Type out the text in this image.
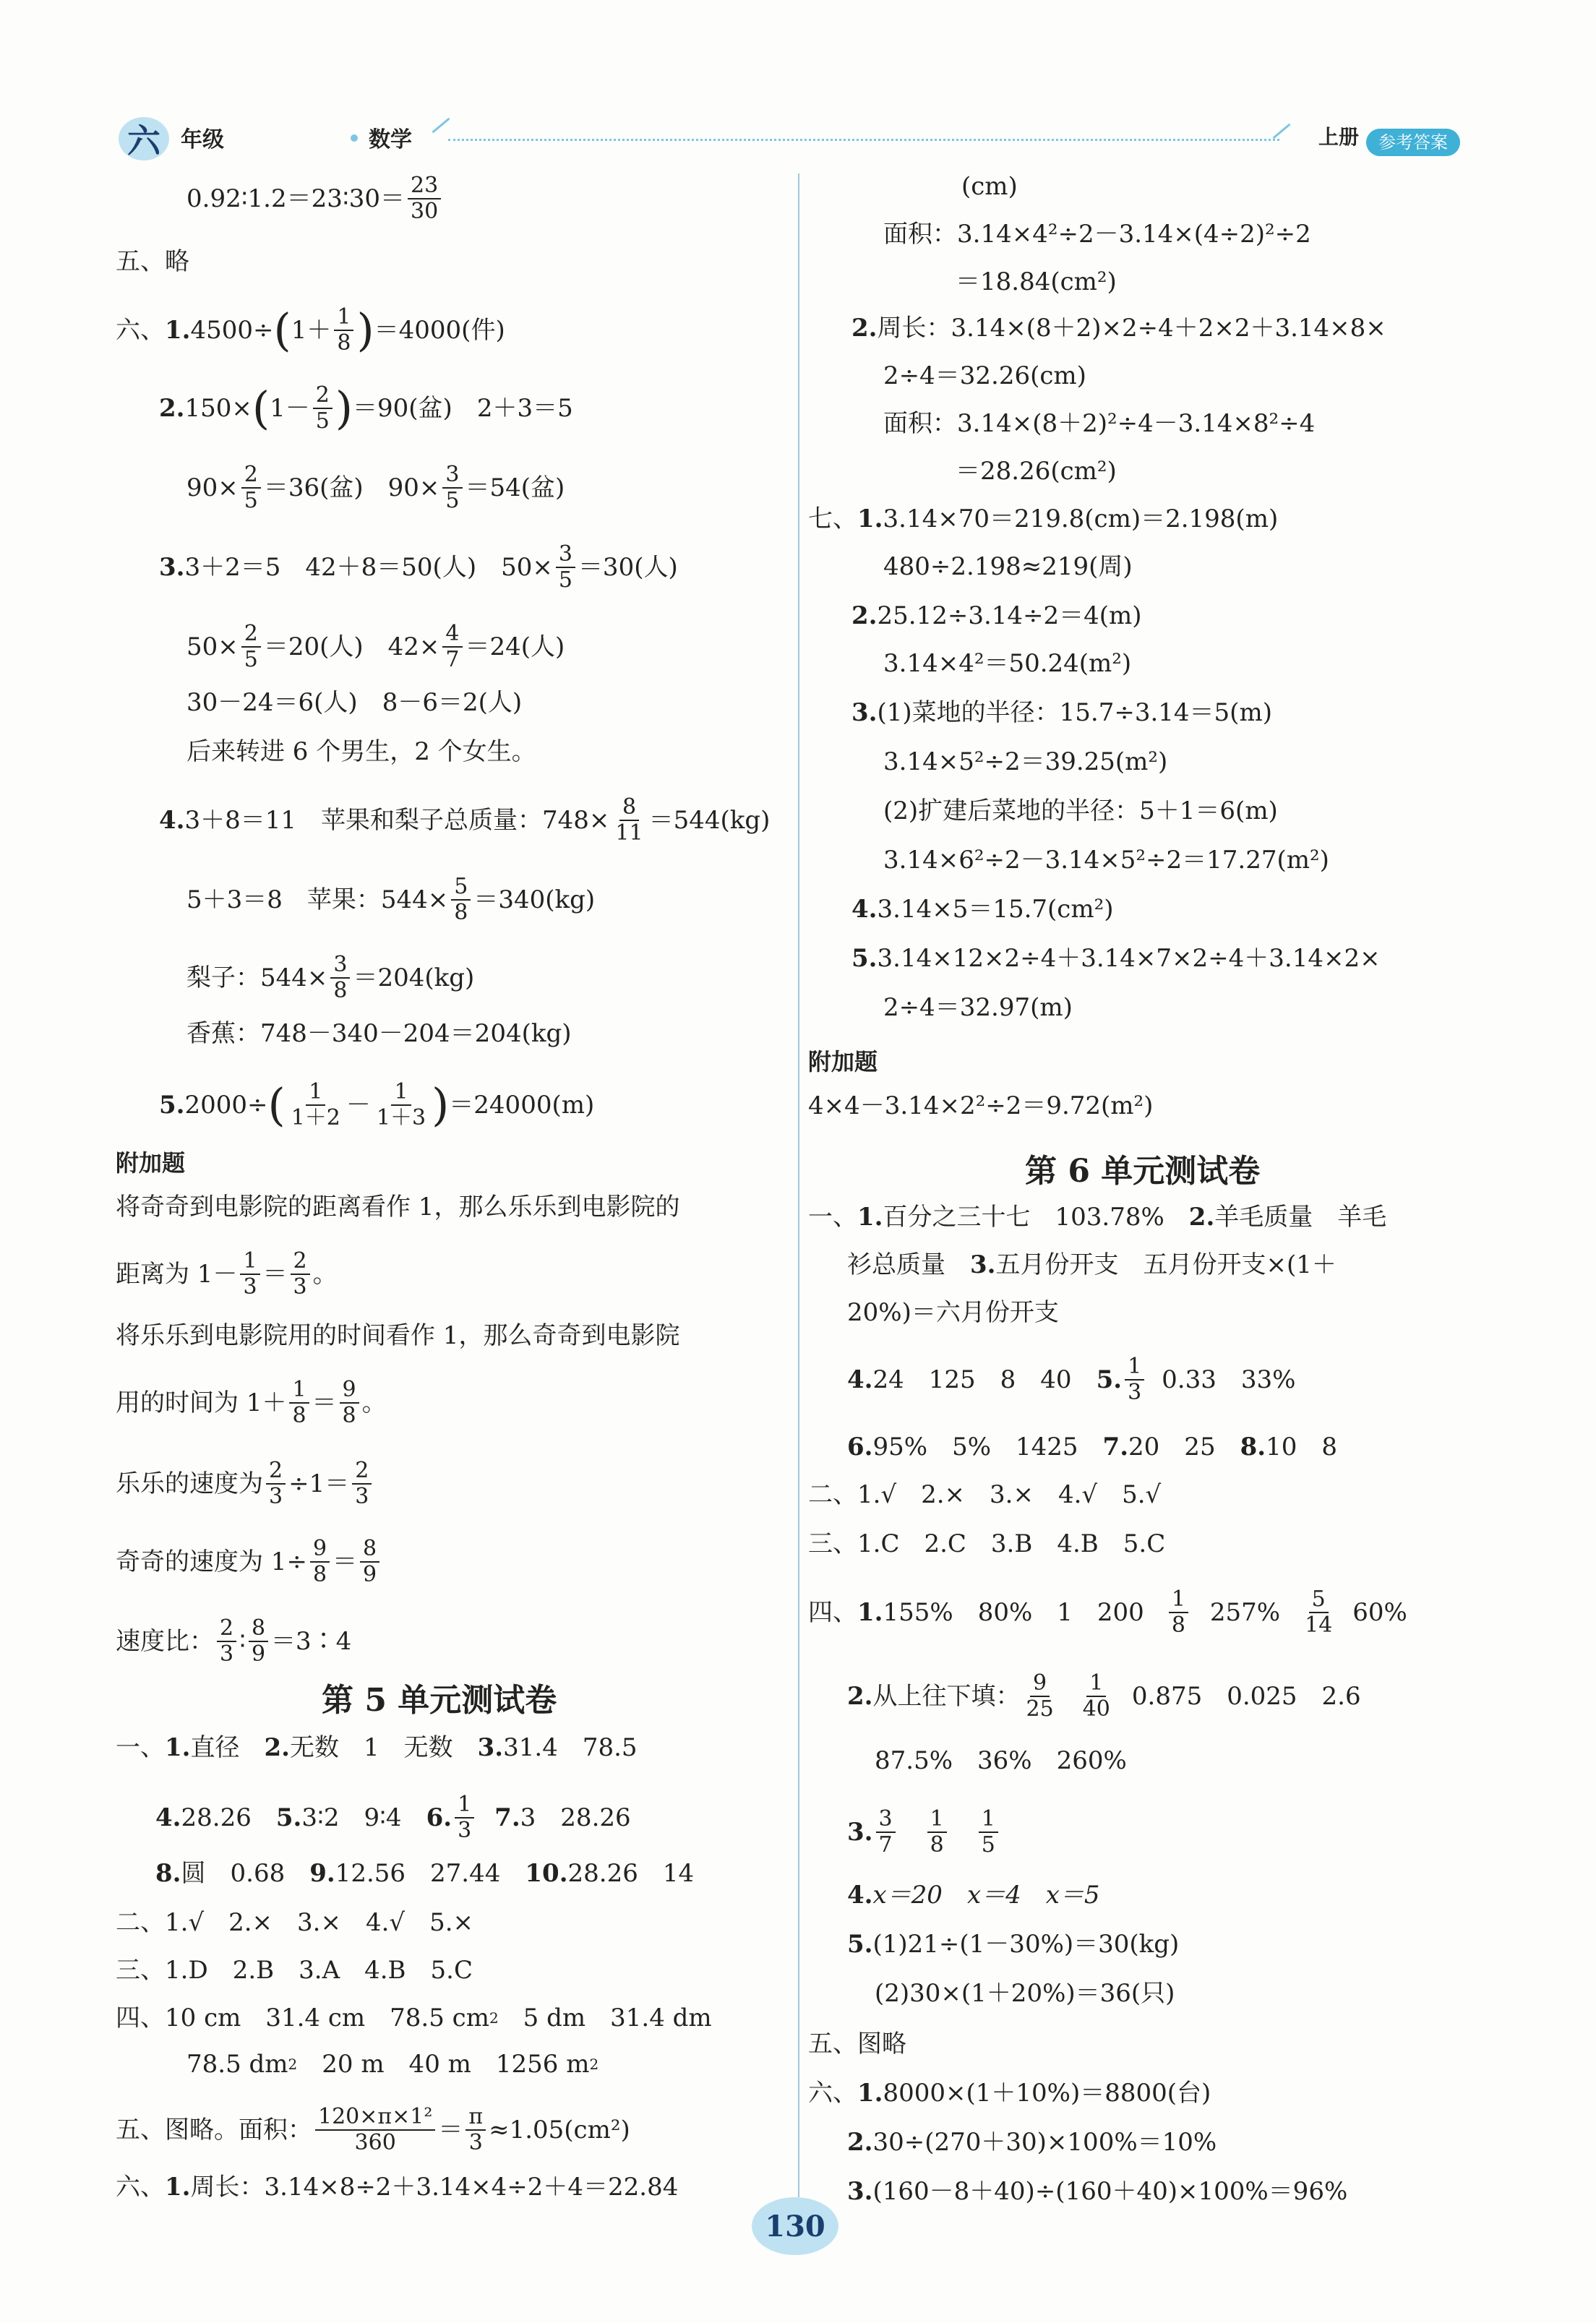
六 年级	数学	上册	参考答案
0.92∶1.2＝23∶30＝ $\frac{23}{30}$
五、略
六、 1. 4500÷ ( $1+ \frac{1}{8}$ ) ＝4000(件)
2. 150× ( $1- \frac{2}{5}$ ) ＝90(盆)　2＋3＝5
$90\times \frac{2}{5} =36$(盆)　$90\times \frac{3}{5} =54$(盆)
3. 3＋2＝5　42＋8＝50(人)　$50\times \frac{3}{5} =30$(人)
$50\times \frac{2}{5} =20$(人)　$42\times \frac{4}{7} =24$(人)
30－24＝6(人)　8－6＝2(人)
后来转进 6 个男生，2 个女生。
4. 3＋8＝11　苹果和梨子总质量：$748\times \frac{8}{11} =544(kg)$
5＋3＝8　苹果：$544\times \frac{5}{8} =340(kg)$
梨子：$544\times \frac{3}{8} =204(kg)$
香蕉：748－340－204＝204(kg)
5. 2000÷ ( $\frac{1}{1+2} - \frac{1}{1+3}$ ) ＝24000(m)
附加题
将奇奇到电影院的距离看作 1，那么乐乐到电影院的
距离为 $1- \frac{1}{3} = \frac{2}{3}$ 。
将乐乐到电影院用的时间看作 1，那么奇奇到电影院
用的时间为 $1+ \frac{1}{8} = \frac{9}{8}$ 。
乐乐的速度为 $\frac{2}{3} \div 1= \frac{2}{3}$
奇奇的速度为 $1\div \frac{9}{8} = \frac{8}{9}$
速度比： $\frac{2}{3}$ ∶ $\frac{8}{9}$ ＝3∶4
第 5 单元测试卷
一、 1. 直径　 2. 无数　1　无数　 3. 31.4　78.5
4. 28.26　 5. 3∶2　9∶4　 6. $\frac{1}{3} 7$. 3　28.26
8. 圆　0.68　 9. 12.56　27.44　 10. 28.26　14
二、1.√　2.×　3.×　4.√　5.×
三、1.D　2.B　3.A　4.B　5.C
四、10 cm　31.4 cm　78.5 cm 2 　5 dm　31.4 dm
78.5 dm 2 　20 m　40 m　1256 m 2
五、图略。面积： $\frac{\text{120×π×1²}}{360} = \frac{\pi}{3} \approx 1.05(cm^2)$
六、 1. 周长：3.14×8÷2＋3.14×4÷2＋4＝22.84
(cm)
面积：3.14×4²÷2－3.14×(4÷2)²÷2
＝18.84(cm²)
2. 周长：3.14×(8＋2)×2÷4＋2×2＋3.14×8×
2÷4＝32.26(cm)
面积：3.14×(8＋2)²÷4－3.14×8²÷4
＝28.26(cm²)
七、 1. 3.14×70＝219.8(cm)＝2.198(m)
480÷2.198≈219(周)
2. 25.12÷3.14÷2＝4(m)
3.14×4²＝50.24(m²)
3. (1)菜地的半径：15.7÷3.14＝5(m)
3.14×5²÷2＝39.25(m²)
(2)扩建后菜地的半径：5＋1＝6(m)
3.14×6²÷2－3.14×5²÷2＝17.27(m²)
4. 3.14×5＝15.7(cm²)
5. 3.14×12×2÷4＋3.14×7×2÷4＋3.14×2×
2÷4＝32.97(m)
附加题
4×4－3.14×2²÷2＝9.72(m²)
第 6 单元测试卷
一、 1. 百分之三十七　103.78%　 2. 羊毛质量　羊毛
衫总质量　 3. 五月份开支　五月份开支×(1＋
20%)＝六月份开支
4. 24　125　8　40　 5. $\frac{1}{3} 0.33$　33%
6. 95%　5%　1425　 7. 20　25　 8. 10　8
二、1.√　2.×　3.×　4.√　5.√
三、1.C　2.C　3.B　4.B　5.C
四、 1. 155%　80%　1　$200 \frac{1}{8} 257\% \frac{5}{14} 60\%$
2. 从上往下填： $\frac{9}{25} \frac{1}{40} 0.875$　0.025　2.6
87.5%　36%　260%
3. $\frac{3}{7} \frac{1}{8} \frac{1}{5}$
4. x＝20　x＝4　x＝5
5. (1)21÷(1－30%)＝30(kg)
(2)30×(1＋20%)＝36(只)
五、图略
六、 1. 8000×(1＋10%)＝8800(台)
2. 30÷(270＋30)×100%＝10%
3. (160－8＋40)÷(160＋40)×100%＝96%
130
